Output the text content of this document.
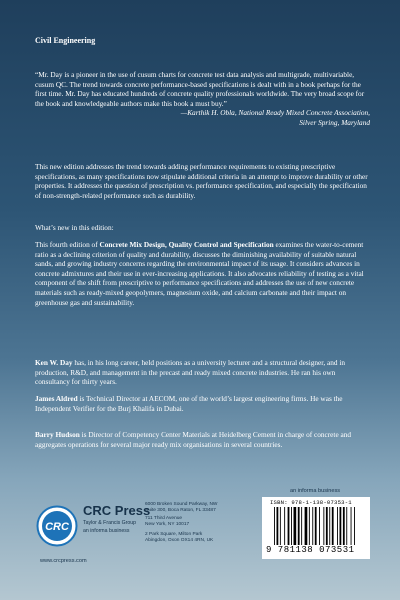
Civil Engineering

“Mr. Day is a pioneer in the use of cusum charts for concrete test data analysis and multigrade, multivariable, cusum QC. The trend towards concrete performance-based specifications is dealt with in a book perhaps for the first time. Mr. Day has educated hundreds of concrete quality professionals worldwide. The very broad scope for the book and knowledgeable authors make this book a must buy.”

—Karthik H. Obla, National Ready Mixed Concrete Association,

Silver Spring, Maryland

This new edition addresses the trend towards adding performance requirements to existing prescriptive specifications, as many specifications now stipulate additional criteria in an attempt to improve durability or other properties. It addresses the question of prescription vs. performance specification, and especially the specification of non-strength-related performance such as durability.

What’s new in this edition:

This fourth edition of Concrete Mix Design, Quality Control and Specification examines the water-to-cement ratio as a declining criterion of quality and durability, discusses the diminishing availability of suitable natural sands, and growing industry concerns regarding the environmental impact of its usage. It considers advances in concrete admixtures and their use in ever-increasing applications. It also advocates reliability of testing as a vital component of the shift from prescriptive to performance specifications and addresses the use of new concrete materials such as ready-mixed geopolymers, magnesium oxide, and calcium carbonate and their impact on greenhouse gas and sustainability.

Ken W. Day has, in his long career, held positions as a university lecturer and a structural designer, and in production, R&D, and management in the precast and ready mixed concrete industries. He ran his own consultancy for thirty years.

James Aldred is Technical Director at AECOM, one of the world’s largest engineering firms. He was the Independent Verifier for the Burj Khalifa in Dubai.

Barry Hudson is Director of Competency Center Materials at Heidelberg Cement in charge of concrete and aggregates operations for several major ready mix organisations in several countries.

CRC
CRC Press
Taylor & Francis Group
an informa business
www.crcpress.com
6000 Broken Sound Parkway, NW
Suite 300, Boca Raton, FL 33487
711 Third Avenue
New York, NY 10017
2 Park Square, Milton Park
Abingdon, Oxon OX14 4RN, UK
an informa business
ISBN: 978-1-138-07353-1
9 781138 073531
